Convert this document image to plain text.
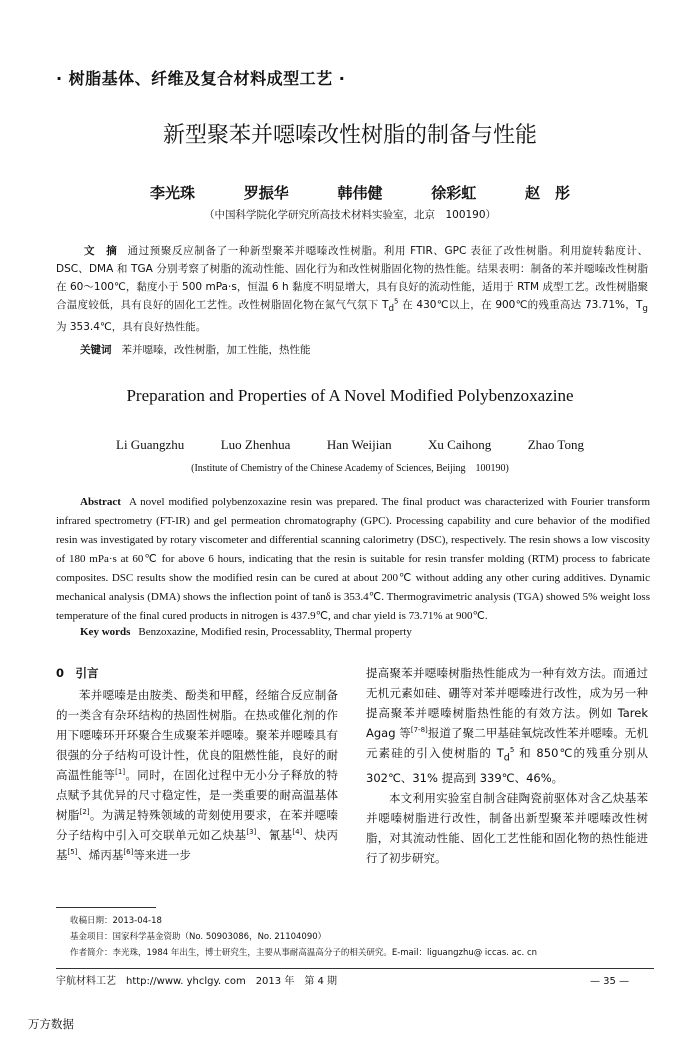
· 树脂基体、纤维及复合材料成型工艺 ·
新型聚苯并噁嗪改性树脂的制备与性能
李光珠	罗振华	韩伟健	徐彩虹	赵　彤
（中国科学院化学研究所高技术材料实验室，北京　100190）
文　摘 通过预聚反应制备了一种新型聚苯并噁嗪改性树脂。利用 FTIR、GPC 表征了改性树脂。利用旋转黏度计、DSC、DMA 和 TGA 分别考察了树脂的流动性能、固化行为和改性树脂固化物的热性能。结果表明：制备的苯并噁嗪改性树脂在 60～100℃，黏度小于 500 mPa·s，恒温 6 h 黏度不明显增大，具有良好的流动性能，适用于 RTM 成型工艺。改性树脂聚合温度较低，具有良好的固化工艺性。改性树脂固化物在氮气气氛下 $T_d^5$ 在 430℃以上，在 900℃的残重高达 73.71%，$T_g$ 为 353.4℃，具有良好热性能。
关键词 苯并噁嗪，改性树脂，加工性能，热性能
Preparation and Properties of A Novel Modified Polybenzoxazine
Li Guangzhu	Luo Zhenhua	Han Weijian	Xu Caihong	Zhao Tong
(Institute of Chemistry of the Chinese Academy of Sciences, Beijing　100190)
Abstract A novel modified polybenzoxazine resin was prepared. The final product was characterized with Fourier transform infrared spectrometry (FT-IR) and gel permeation chromatography (GPC). Processing capability and cure behavior of the modified resin was investigated by rotary viscometer and differential scanning calorimetry (DSC), respectively. The resin shows a low viscosity of 180 mPa·s at 60℃ for above 6 hours, indicating that the resin is suitable for resin transfer molding (RTM) process to fabricate composites. DSC results show the modified resin can be cured at about 200℃ without adding any other curing additives. Dynamic mechanical analysis (DMA) shows the inflection point of tanδ is 353.4℃. Thermogravimetric analysis (TGA) showed 5% weight loss temperature of the final cured products in nitrogen is 437.9℃, and char yield is 73.71% at 900℃.
Key words Benzoxazine, Modified resin, Processablity, Thermal property
0　引言
苯并噁嗪是由胺类、酚类和甲醛，经缩合反应制备的一类含有杂环结构的热固性树脂。在热或催化剂的作用下噁嗪环开环聚合生成聚苯并噁嗪。聚苯并噁嗪具有很强的分子结构可设计性，优良的阻燃性能，良好的耐高温性能等[1]。同时，在固化过程中无小分子释放的特点赋予其优异的尺寸稳定性，是一类重要的耐高温基体树脂[2]。为满足特殊领域的苛刻使用要求，在苯并噁嗪分子结构中引入可交联单元如乙炔基[3]、氰基[4]、炔丙基[5]、烯丙基[6]等来进一步
提高聚苯并噁嗪树脂热性能成为一种有效方法。而通过无机元素如硅、硼等对苯并噁嗪进行改性，成为另一种提高聚苯并噁嗪树脂热性能的有效方法。例如 Tarek Agag 等[7-8]报道了聚二甲基硅氧烷改性苯并噁嗪。无机元素硅的引入使树脂的 $T_d^5$ 和 850℃的残重分别从 302℃、31% 提高到 339℃、46%。
本文利用实验室自制含硅陶瓷前驱体对含乙炔基苯并噁嗪树脂进行改性，制备出新型聚苯并噁嗪改性树脂，对其流动性能、固化工艺性能和固化物的热性能进行了初步研究。
收稿日期：2013-04-18
基金项目：国家科学基金资助（No. 50903086，No. 21104090）
作者简介：李光珠，1984 年出生，博士研究生，主要从事耐高温高分子的相关研究。E-mail：liguangzhu@ iccas. ac. cn
宇航材料工艺　http://www. yhclgy. com　2013 年　第 4 期	— 35 —
万方数据
